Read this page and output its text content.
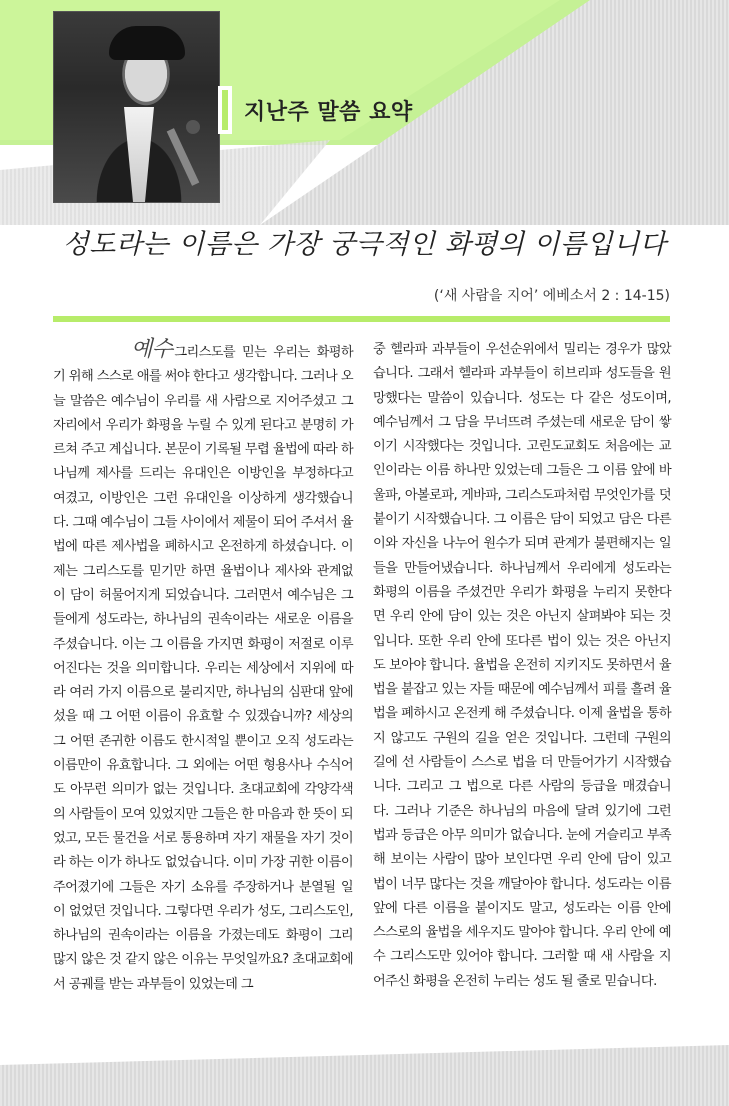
지난주 말씀 요약
성도라는 이름은 가장 궁극적인 화평의 이름입니다
(‘새 사람을 지어’ 에베소서 2 : 14-15)

예수 그리스도를 믿는 우리는 화평하기 위해 스스로 애를 써야 한다고 생각합니다. 그러나 오늘 말씀은 예수님이 우리를 새 사람으로 지어주셨고 그 자리에서 우리가 화평을 누릴 수 있게 된다고 분명히 가르쳐 주고 계십니다. 본문이 기록될 무렵 율법에 따라 하나님께 제사를 드리는 유대인은 이방인을 부정하다고 여겼고, 이방인은 그런 유대인을 이상하게 생각했습니다. 그때 예수님이 그들 사이에서 제물이 되어 주셔서 율법에 따른 제사법을 폐하시고 온전하게 하셨습니다. 이제는 그리스도를 믿기만 하면 율법이나 제사와 관계없이 담이 허물어지게 되었습니다. 그러면서 예수님은 그들에게 성도라는, 하나님의 권속이라는 새로운 이름을 주셨습니다. 이는 그 이름을 가지면 화평이 저절로 이루어진다는 것을 의미합니다. 우리는 세상에서 지위에 따라 여러 가지 이름으로 불리지만, 하나님의 심판대 앞에 섰을 때 그 어떤 이름이 유효할 수 있겠습니까? 세상의 그 어떤 존귀한 이름도 한시적일 뿐이고 오직 성도라는 이름만이 유효합니다. 그 외에는 어떤 형용사나 수식어도 아무런 의미가 없는 것입니다. 초대교회에 각양각색의 사람들이 모여 있었지만 그들은 한 마음과 한 뜻이 되었고, 모든 물건을 서로 통용하며 자기 재물을 자기 것이라 하는 이가 하나도 없었습니다. 이미 가장 귀한 이름이 주어졌기에 그들은 자기 소유를 주장하거나 분열될 일이 없었던 것입니다. 그렇다면 우리가 성도, 그리스도인, 하나님의 권속이라는 이름을 가졌는데도 화평이 그리 많지 않은 것 같지 않은 이유는 무엇일까요? 초대교회에서 공궤를 받는 과부들이 있었는데 그

중 헬라파 과부들이 우선순위에서 밀리는 경우가 많았습니다. 그래서 헬라파 과부들이 히브리파 성도들을 원망했다는 말씀이 있습니다. 성도는 다 같은 성도이며, 예수님께서 그 담을 무너뜨려 주셨는데 새로운 담이 쌓이기 시작했다는 것입니다. 고린도교회도 처음에는 교인이라는 이름 하나만 있었는데 그들은 그 이름 앞에 바울파, 아볼로파, 게바파, 그리스도파처럼 무엇인가를 덧붙이기 시작했습니다. 그 이름은 담이 되었고 담은 다른 이와 자신을 나누어 원수가 되며 관계가 불편해지는 일들을 만들어냈습니다. 하나님께서 우리에게 성도라는 화평의 이름을 주셨건만 우리가 화평을 누리지 못한다면 우리 안에 담이 있는 것은 아닌지 살펴봐야 되는 것입니다. 또한 우리 안에 또다른 법이 있는 것은 아닌지도 보아야 합니다. 율법을 온전히 지키지도 못하면서 율법을 붙잡고 있는 자들 때문에 예수님께서 피를 흘려 율법을 폐하시고 온전케 해 주셨습니다. 이제 율법을 통하지 않고도 구원의 길을 얻은 것입니다. 그런데 구원의 길에 선 사람들이 스스로 법을 더 만들어가기 시작했습니다. 그리고 그 법으로 다른 사람의 등급을 매겼습니다. 그러나 기준은 하나님의 마음에 달려 있기에 그런 법과 등급은 아무 의미가 없습니다. 눈에 거슬리고 부족해 보이는 사람이 많아 보인다면 우리 안에 담이 있고 법이 너무 많다는 것을 깨달아야 합니다. 성도라는 이름 앞에 다른 이름을 붙이지도 말고, 성도라는 이름 안에 스스로의 율법을 세우지도 말아야 합니다. 우리 안에 예수 그리스도만 있어야 합니다. 그러할 때 새 사람을 지어주신 화평을 온전히 누리는 성도 될 줄로 믿습니다.
